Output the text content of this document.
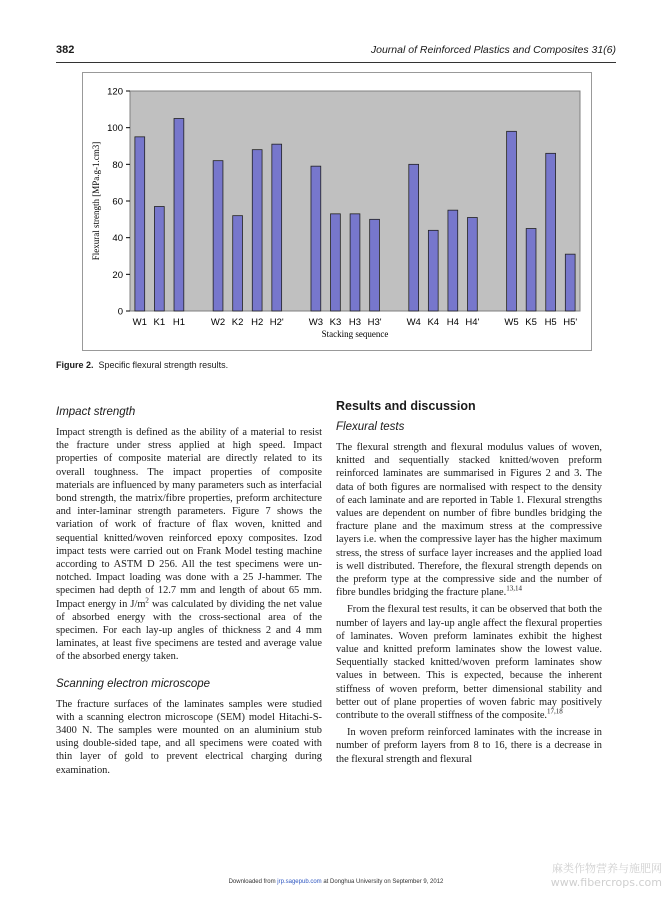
382	Journal of Reinforced Plastics and Composites 31(6)
0
20
40
60
80
100
120
W1 K1 H1	W2 K2 H2 H2'	W3 K3 H3 H3'	W4 K4 H4 H4'	W5 K5 H5 H5'
Stacking sequence
Flexural strength [MPa.g-1.cm3]
Figure 2. Specific flexural strength results.
Impact strength

Impact strength is defined as the ability of a material to resist the fracture under stress applied at high speed. Impact properties of composite material are directly related to its overall toughness. The impact properties of composite materials are influenced by many parameters such as interfacial bond strength, the matrix/fibre properties, preform architecture and inter-laminar strength parameters. Figure 7 shows the variation of work of fracture of flax woven, knitted and sequential knitted/woven reinforced epoxy composites. Izod impact tests were carried out on Frank Model testing machine according to ASTM D 256. All the test specimens were un-notched. Impact loading was done with a 25 J-hammer. The specimen had depth of 12.7 mm and length of about 65 mm. Impact energy in $J/m^2$ was calculated by dividing the net value of absorbed energy with the cross-sectional area of the specimen. For each lay-up angles of thickness 2 and 4 mm laminates, at least five specimens are tested and average value of the absorbed energy taken.

Scanning electron microscope

The fracture surfaces of the laminates samples were studied with a scanning electron microscope (SEM) model Hitachi-S-3400 N. The samples were mounted on an aluminium stub using double-sided tape, and all specimens were coated with thin layer of gold to prevent electrical charging during examination.

Results and discussion
Flexural tests

The flexural strength and flexural modulus values of woven, knitted and sequentially stacked knitted/woven preform reinforced laminates are summarised in Figures 2 and 3. The data of both figures are normalised with respect to the density of each laminate and are reported in Table 1. Flexural strengths values are dependent on number of fibre bundles bridging the fracture plane and the maximum stress at the compressive layers i.e. when the compressive layer has the higher maximum stress, the stress of surface layer increases and the applied load is well distributed. Therefore, the flexural strength depends on the preform type at the compressive side and the number of fibre bundles bridging the fracture plane.$^{13,14}$

From the flexural test results, it can be observed that both the number of layers and lay-up angle affect the flexural properties of laminates. Woven preform laminates exhibit the highest value and knitted preform laminates show the lowest value. Sequentially stacked knitted/woven preform laminates show values in between. This is expected, because the inherent stiffness of woven preform, better dimensional stability and better out of plane properties of woven fabric may positively contribute to the overall stiffness of the composite.$^{17,18}$

In woven preform reinforced laminates with the increase in number of preform layers from 8 to 16, there is a decrease in the flexural strength and flexural

Downloaded from jrp.sagepub.com at Donghua University on September 9, 2012
麻类作物营养与施肥网
www.fibercrops.com
